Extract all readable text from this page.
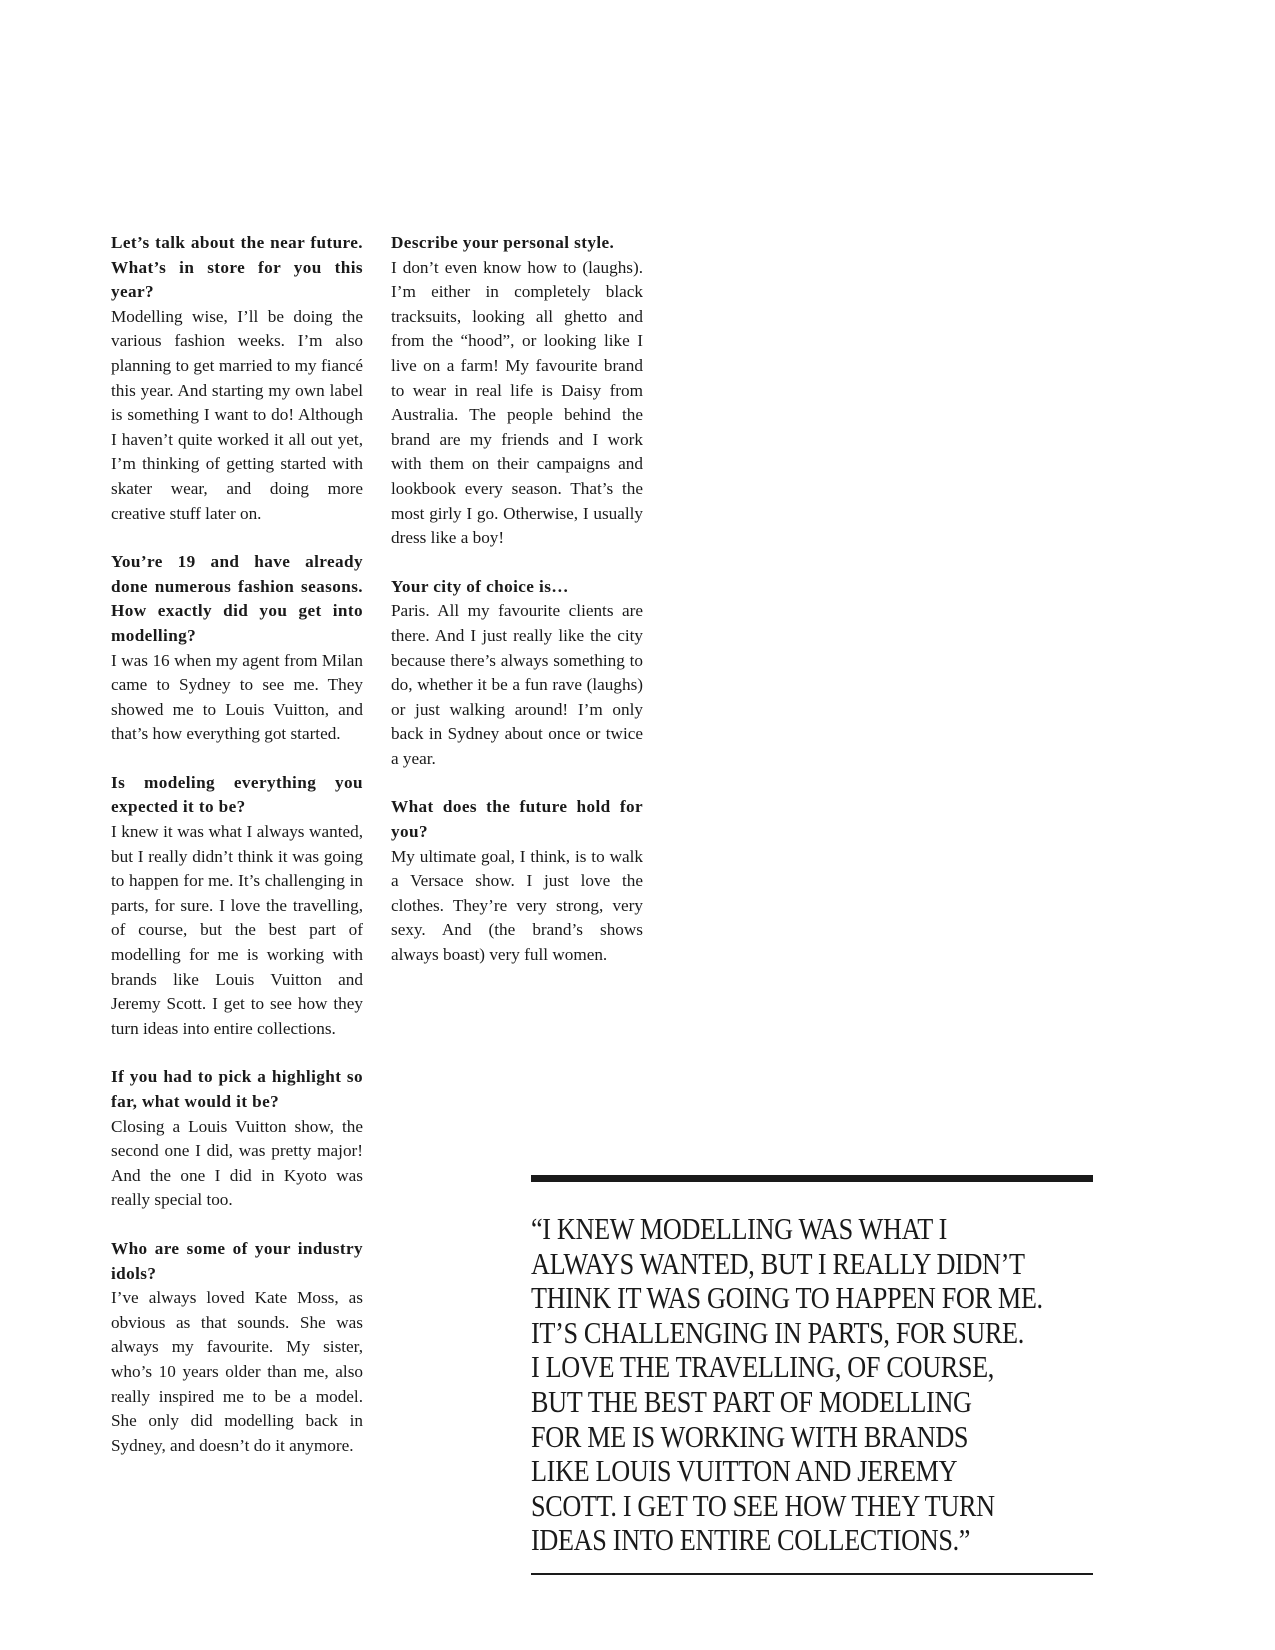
Let’s talk about the near future. What’s in store for you this year?

Modelling wise, I’ll be doing the various fashion weeks. I’m also planning to get married to my fiancé this year. And starting my own label is something I want to do! Although I haven’t quite worked it all out yet, I’m thinking of getting started with skater wear, and doing more creative stuff later on.

You’re 19 and have already done numerous fashion seasons. How exactly did you get into modelling?

I was 16 when my agent from Milan came to Sydney to see me. They showed me to Louis Vuitton, and that’s how everything got started.

Is modeling everything you expected it to be?

I knew it was what I always wanted, but I really didn’t think it was going to happen for me. It’s challenging in parts, for sure. I love the travelling, of course, but the best part of modelling for me is working with brands like Louis Vuitton and Jeremy Scott. I get to see how they turn ideas into entire collections.

If you had to pick a highlight so far, what would it be?

Closing a Louis Vuitton show, the second one I did, was pretty major! And the one I did in Kyoto was really special too.

Who are some of your industry idols?

I’ve always loved Kate Moss, as obvious as that sounds. She was always my favourite. My sister, who’s 10 years older than me, also really inspired me to be a model. She only did modelling back in Sydney, and doesn’t do it anymore.

Describe your personal style.

I don’t even know how to (laughs). I’m either in completely black tracksuits, looking all ghetto and from the “hood”, or looking like I live on a farm! My favourite brand to wear in real life is Daisy from Australia. The people behind the brand are my friends and I work with them on their campaigns and lookbook every season. That’s the most girly I go. Otherwise, I usually dress like a boy!

Your city of choice is…

Paris. All my favourite clients are there. And I just really like the city because there’s always something to do, whether it be a fun rave (laughs) or just walking around! I’m only back in Sydney about once or twice a year.

What does the future hold for you?

My ultimate goal, I think, is to walk a Versace show. I just love the clothes. They’re very strong, very sexy. And (the brand’s shows always boast) very full women.

“I KNEW MODELLING WAS WHAT I
ALWAYS WANTED, BUT I REALLY DIDN’T
THINK IT WAS GOING TO HAPPEN FOR ME.
IT’S CHALLENGING IN PARTS, FOR SURE.
I LOVE THE TRAVELLING, OF COURSE,
BUT THE BEST PART OF MODELLING
FOR ME IS WORKING WITH BRANDS
LIKE LOUIS VUITTON AND JEREMY
SCOTT. I GET TO SEE HOW THEY TURN
IDEAS INTO ENTIRE COLLECTIONS.”
